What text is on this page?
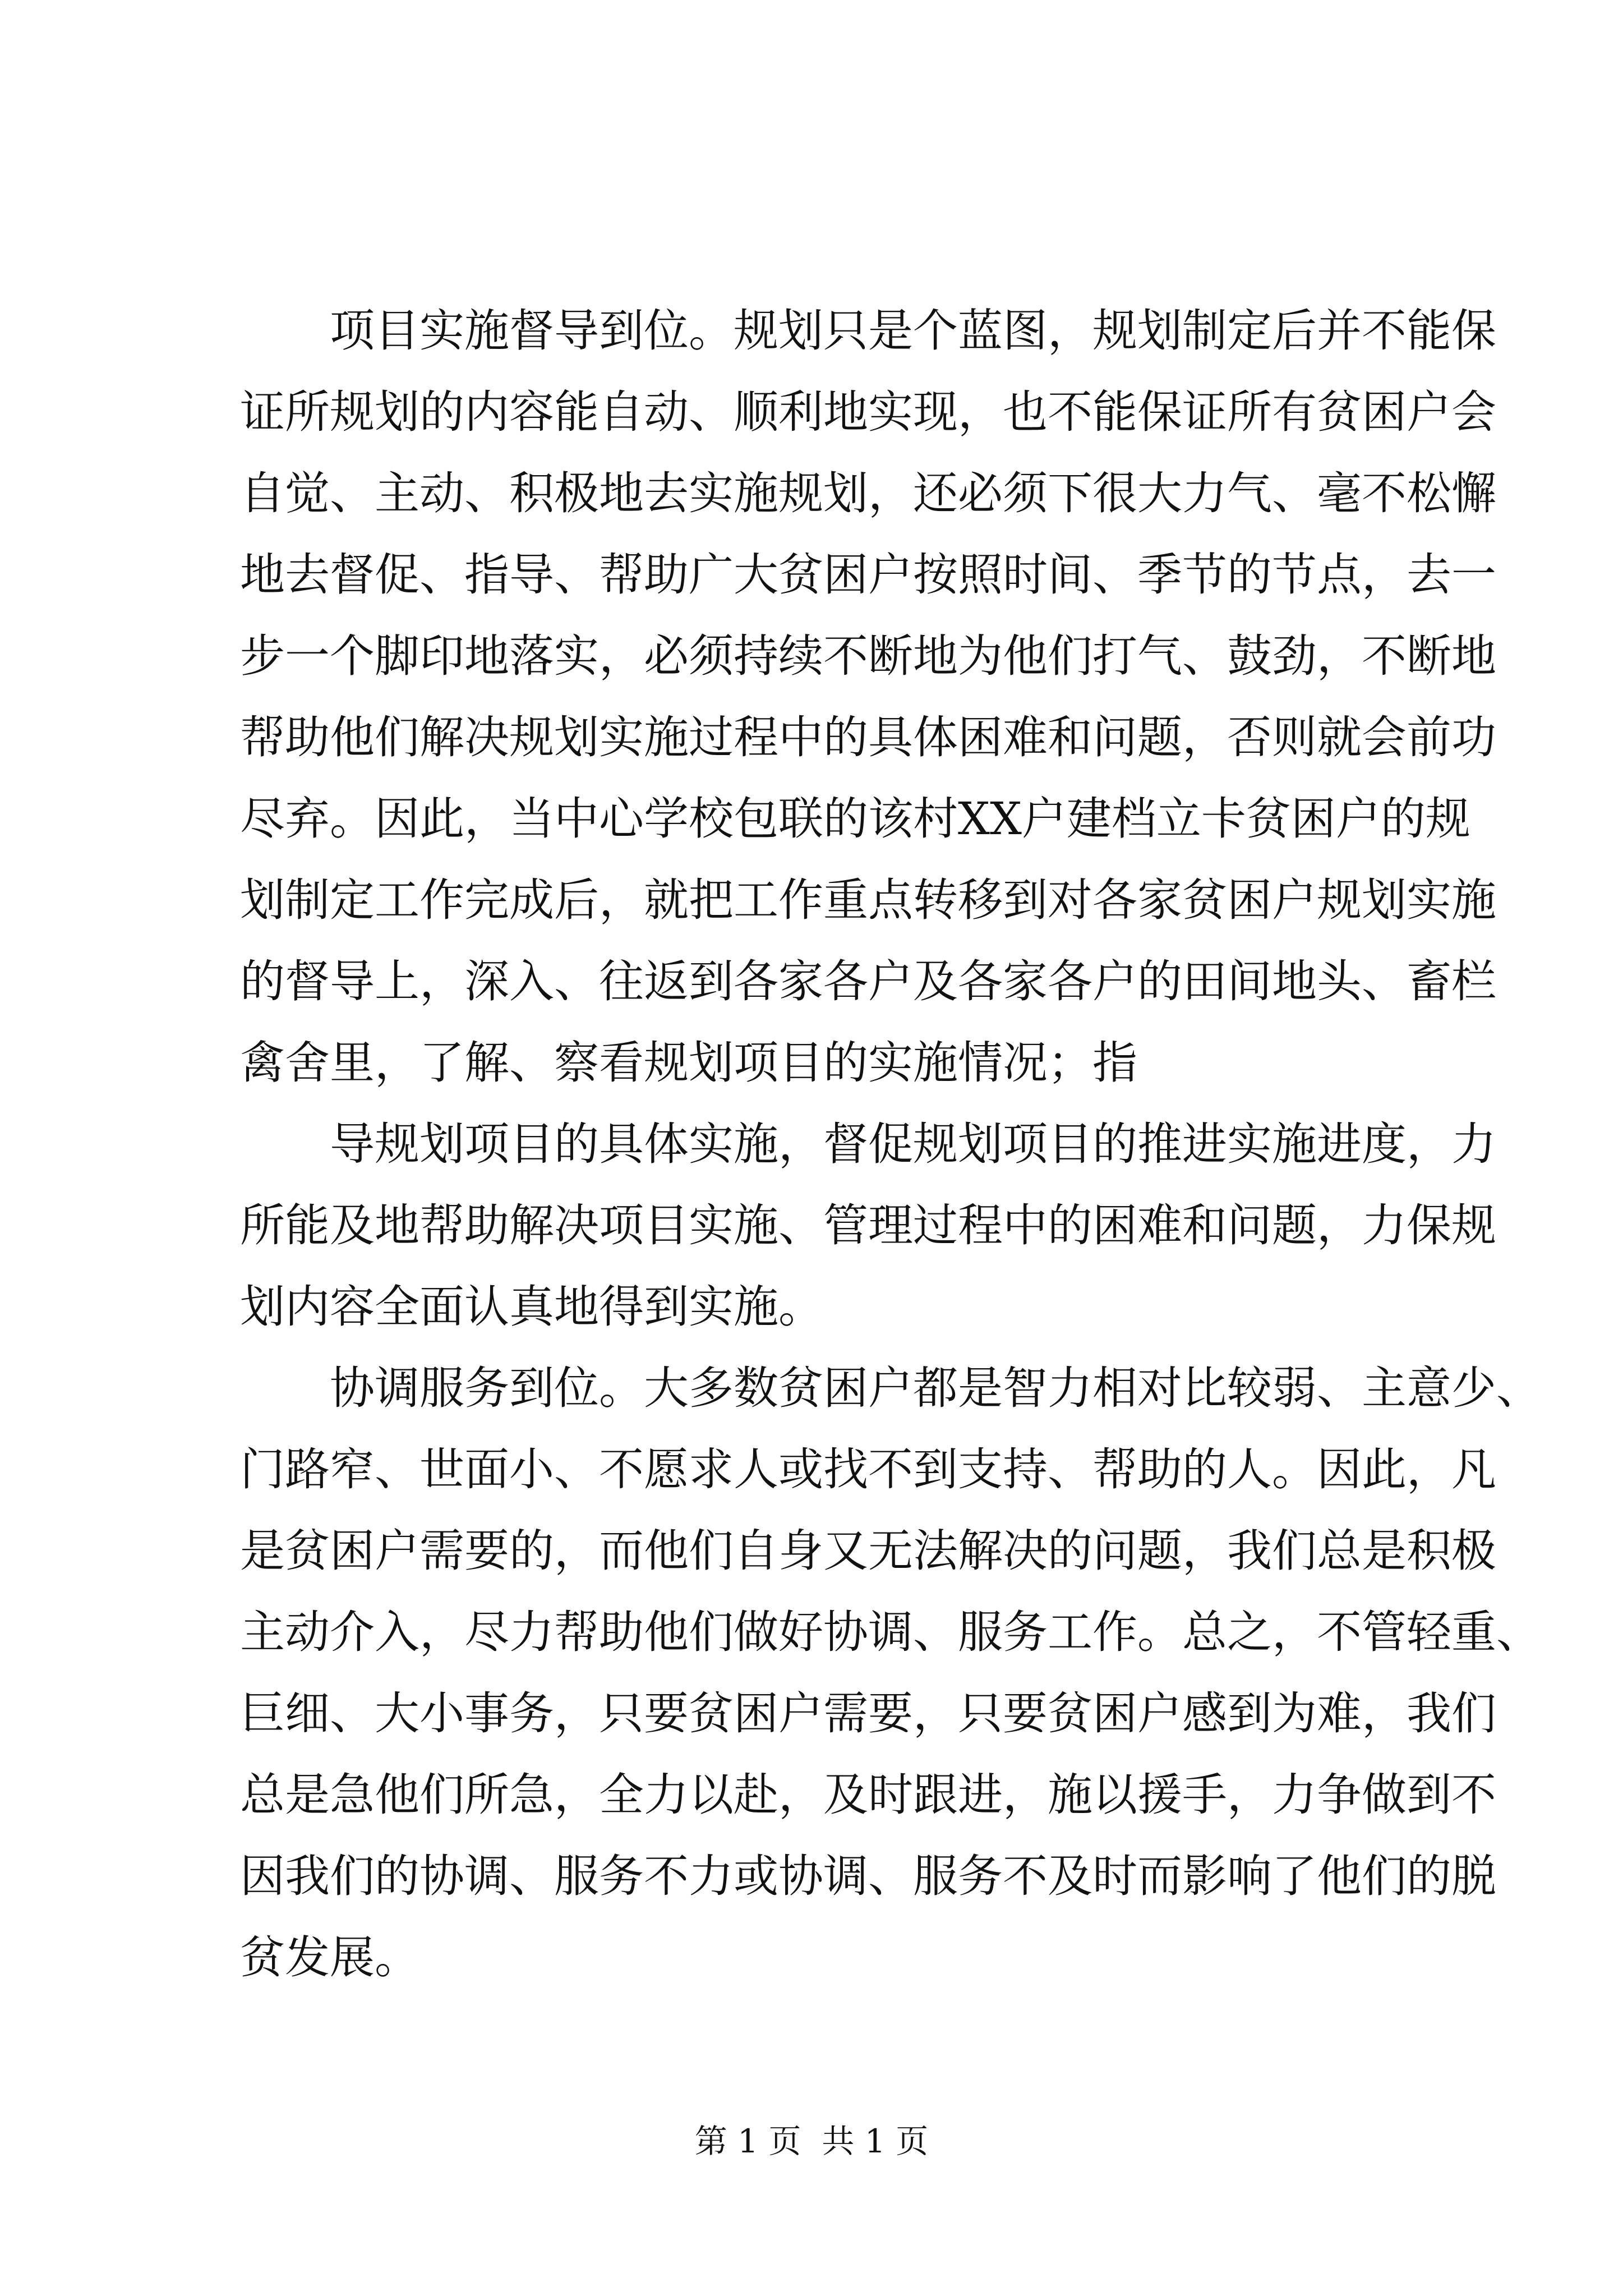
项目实施督导到位。规划只是个蓝图，规划制定后并不能保
证所规划的内容能自动、顺利地实现，也不能保证所有贫困户会
自觉、主动、积极地去实施规划，还必须下很大力气、毫不松懈
地去督促、指导、帮助广大贫困户按照时间、季节的节点，去一
步一个脚印地落实，必须持续不断地为他们打气、鼓劲，不断地
帮助他们解决规划实施过程中的具体困难和问题，否则就会前功
尽弃。因此，当中心学校包联的该村XX户建档立卡贫困户的规
划制定工作完成后，就把工作重点转移到对各家贫困户规划实施
的督导上，深入、往返到各家各户及各家各户的田间地头、畜栏
禽舍里，了解、察看规划项目的实施情况；指
导规划项目的具体实施，督促规划项目的推进实施进度，力
所能及地帮助解决项目实施、管理过程中的困难和问题，力保规
划内容全面认真地得到实施。
协调服务到位。大多数贫困户都是智力相对比较弱、主意少、
门路窄、世面小、不愿求人或找不到支持、帮助的人。因此，凡
是贫困户需要的，而他们自身又无法解决的问题，我们总是积极
主动介入，尽力帮助他们做好协调、服务工作。总之，不管轻重、
巨细、大小事务，只要贫困户需要，只要贫困户感到为难，我们
总是急他们所急，全力以赴，及时跟进，施以援手，力争做到不
因我们的协调、服务不力或协调、服务不及时而影响了他们的脱
贫发展。
第 1 页  共 1 页
